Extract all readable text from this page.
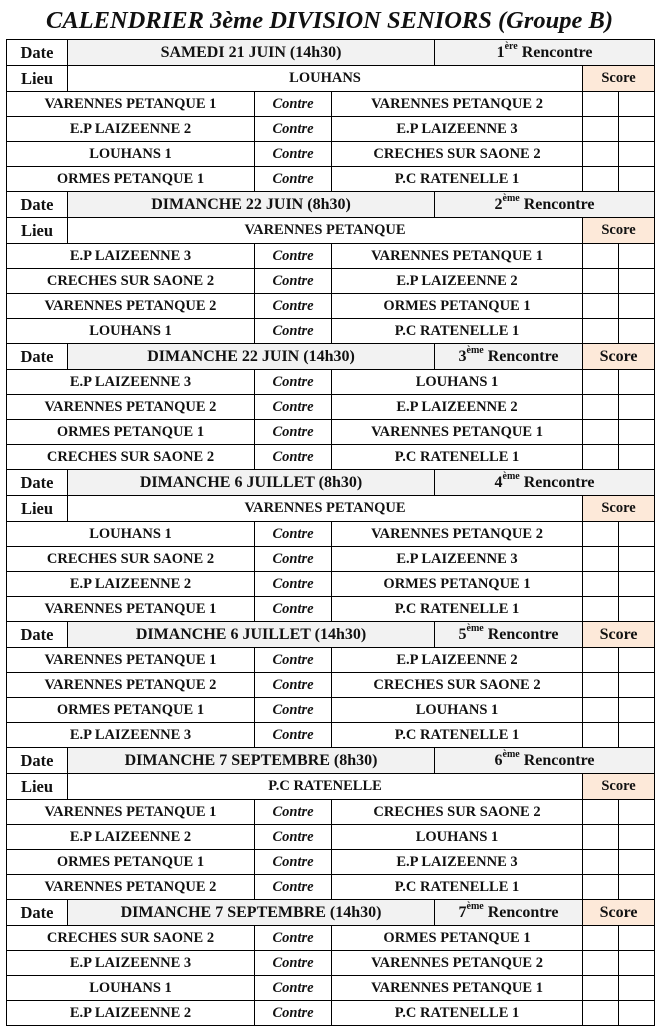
CALENDRIER 3ème DIVISION SENIORS (Groupe B)
Date	SAMEDI 21 JUIN (14h30)			1ère Rencontre		
Lieu	LOUHANS				Score	
VARENNES PETANQUE 1		Contre	VARENNES PETANQUE 2			
E.P LAIZEENNE 2		Contre	E.P LAIZEENNE 3			
LOUHANS 1		Contre	CRECHES SUR SAONE 2			
ORMES PETANQUE 1		Contre	P.C RATENELLE 1			
Date	DIMANCHE 22 JUIN (8h30)			2ème Rencontre		
Lieu	VARENNES PETANQUE				Score	
E.P LAIZEENNE 3		Contre	VARENNES PETANQUE 1			
CRECHES SUR SAONE 2		Contre	E.P LAIZEENNE 2			
VARENNES PETANQUE 2		Contre	ORMES PETANQUE 1			
LOUHANS 1		Contre	P.C RATENELLE 1			
Date	DIMANCHE 22 JUIN (14h30)			3ème Rencontre	Score	
E.P LAIZEENNE 3		Contre	LOUHANS 1			
VARENNES PETANQUE 2		Contre	E.P LAIZEENNE 2			
ORMES PETANQUE 1		Contre	VARENNES PETANQUE 1			
CRECHES SUR SAONE 2		Contre	P.C RATENELLE 1			
Date	DIMANCHE 6 JUILLET (8h30)			4ème Rencontre		
Lieu	VARENNES PETANQUE				Score	
LOUHANS 1		Contre	VARENNES PETANQUE 2			
CRECHES SUR SAONE 2		Contre	E.P LAIZEENNE 3			
E.P LAIZEENNE 2		Contre	ORMES PETANQUE 1			
VARENNES PETANQUE 1		Contre	P.C RATENELLE 1			
Date	DIMANCHE 6 JUILLET (14h30)			5ème Rencontre	Score	
VARENNES PETANQUE 1		Contre	E.P LAIZEENNE 2			
VARENNES PETANQUE 2		Contre	CRECHES SUR SAONE 2			
ORMES PETANQUE 1		Contre	LOUHANS 1			
E.P LAIZEENNE 3		Contre	P.C RATENELLE 1			
Date	DIMANCHE 7 SEPTEMBRE (8h30)			6ème Rencontre		
Lieu	P.C RATENELLE				Score	
VARENNES PETANQUE 1		Contre	CRECHES SUR SAONE 2			
E.P LAIZEENNE 2		Contre	LOUHANS 1			
ORMES PETANQUE 1		Contre	E.P LAIZEENNE 3			
VARENNES PETANQUE 2		Contre	P.C RATENELLE 1			
Date	DIMANCHE 7 SEPTEMBRE (14h30)			7ème Rencontre	Score	
CRECHES SUR SAONE 2		Contre	ORMES PETANQUE 1			
E.P LAIZEENNE 3		Contre	VARENNES PETANQUE 2			
LOUHANS 1		Contre	VARENNES PETANQUE 1			
E.P LAIZEENNE 2		Contre	P.C RATENELLE 1			
